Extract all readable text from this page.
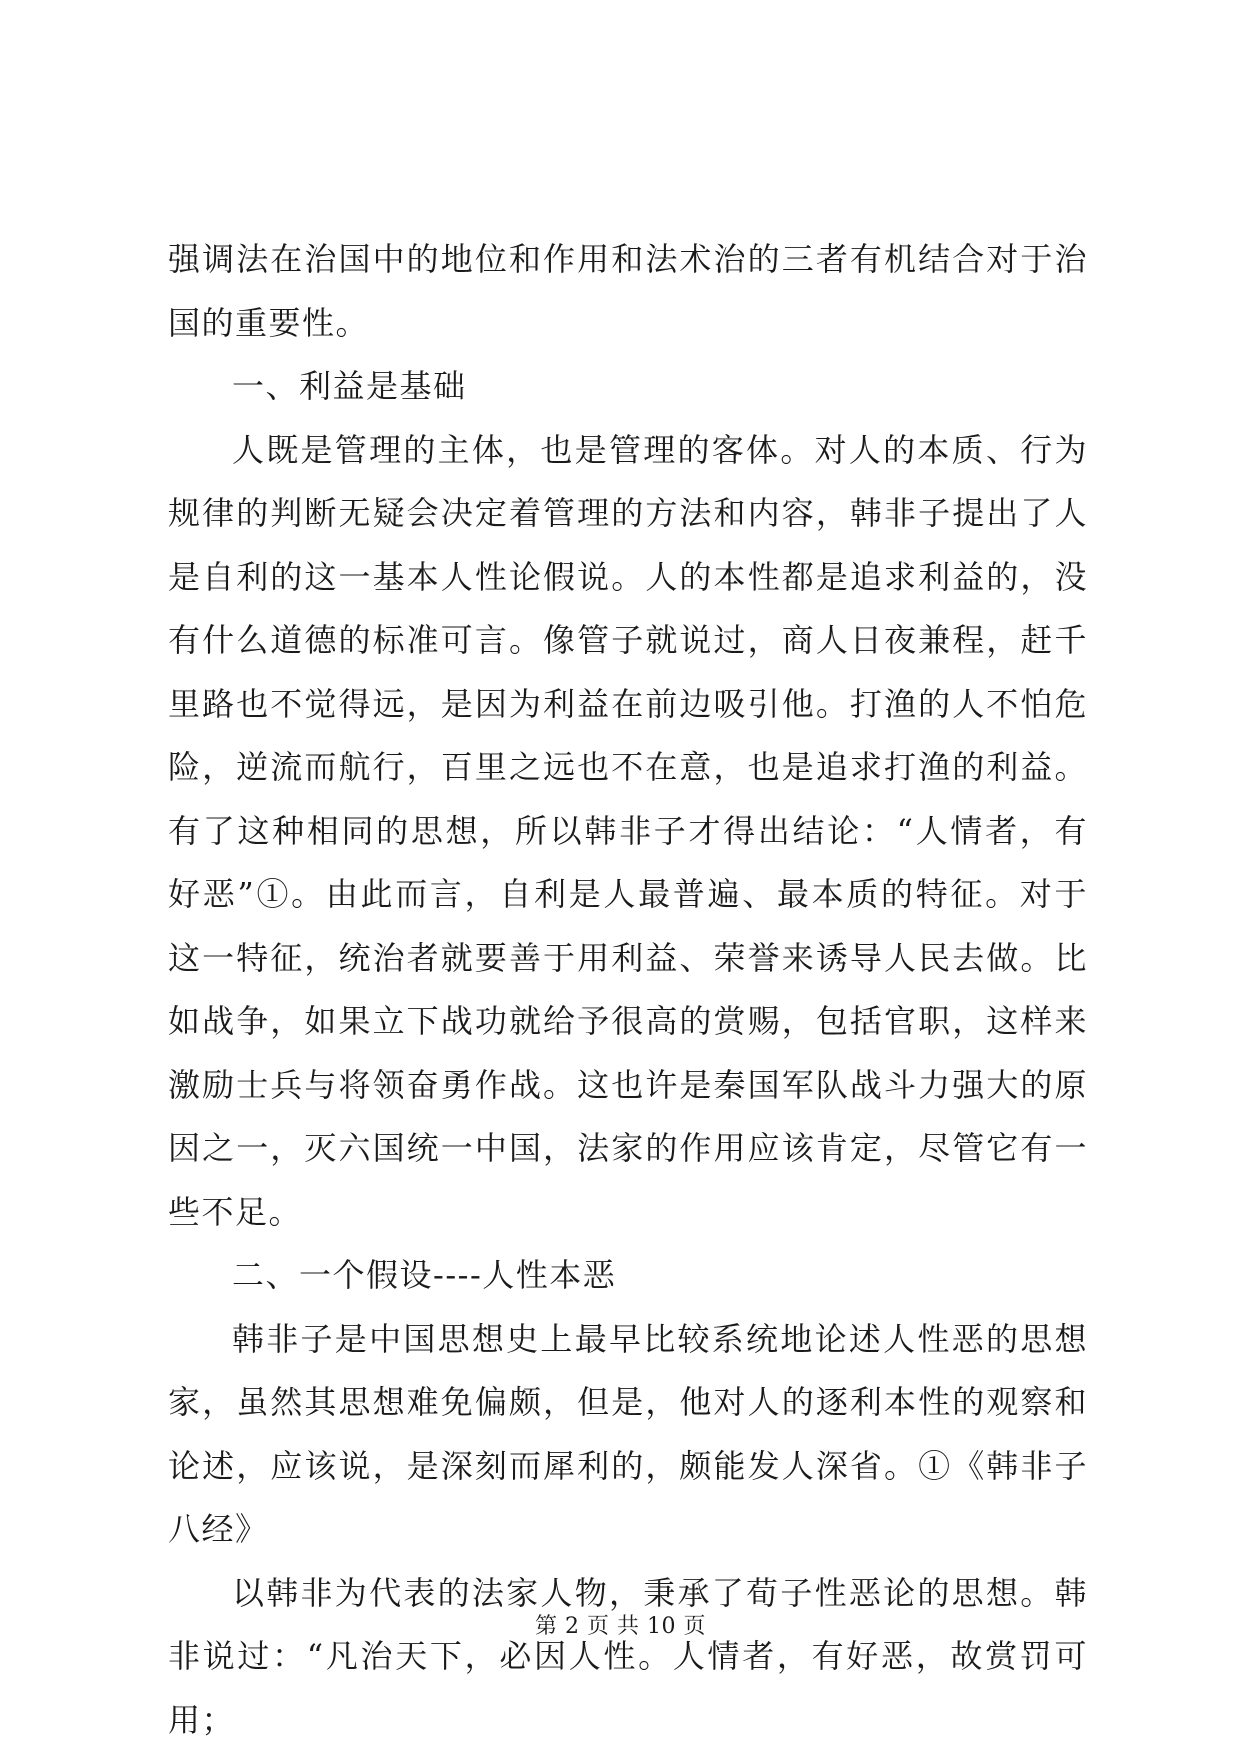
强调法在治国中的地位和作用和法术治的三者有机结合对于治国的重要性。

一、利益是基础

人既是管理的主体，也是管理的客体。对人的本质、行为规律的判断无疑会决定着管理的方法和内容，韩非子提出了人是自利的这一基本人性论假说。人的本性都是追求利益的，没有什么道德的标准可言。像管子就说过，商人日夜兼程，赶千里路也不觉得远，是因为利益在前边吸引他。打渔的人不怕危险，逆流而航行，百里之远也不在意，也是追求打渔的利益。有了这种相同的思想，所以韩非子才得出结论：“人情者，有好恶”①。由此而言，自利是人最普遍、最本质的特征。对于这一特征，统治者就要善于用利益、荣誉来诱导人民去做。比如战争，如果立下战功就给予很高的赏赐，包括官职，这样来激励士兵与将领奋勇作战。这也许是秦国军队战斗力强大的原因之一，灭六国统一中国，法家的作用应该肯定，尽管它有一些不足。

二、一个假设----人性本恶

韩非子是中国思想史上最早比较系统地论述人性恶的思想家，虽然其思想难免偏颇，但是，他对人的逐利本性的观察和论述，应该说，是深刻而犀利的，颇能发人深省。①《韩非子八经》

以韩非为代表的法家人物，秉承了荀子性恶论的思想。韩非说过：“凡治天下，必因人性。人情者，有好恶，故赏罚可用；

第 2 页 共 10 页
